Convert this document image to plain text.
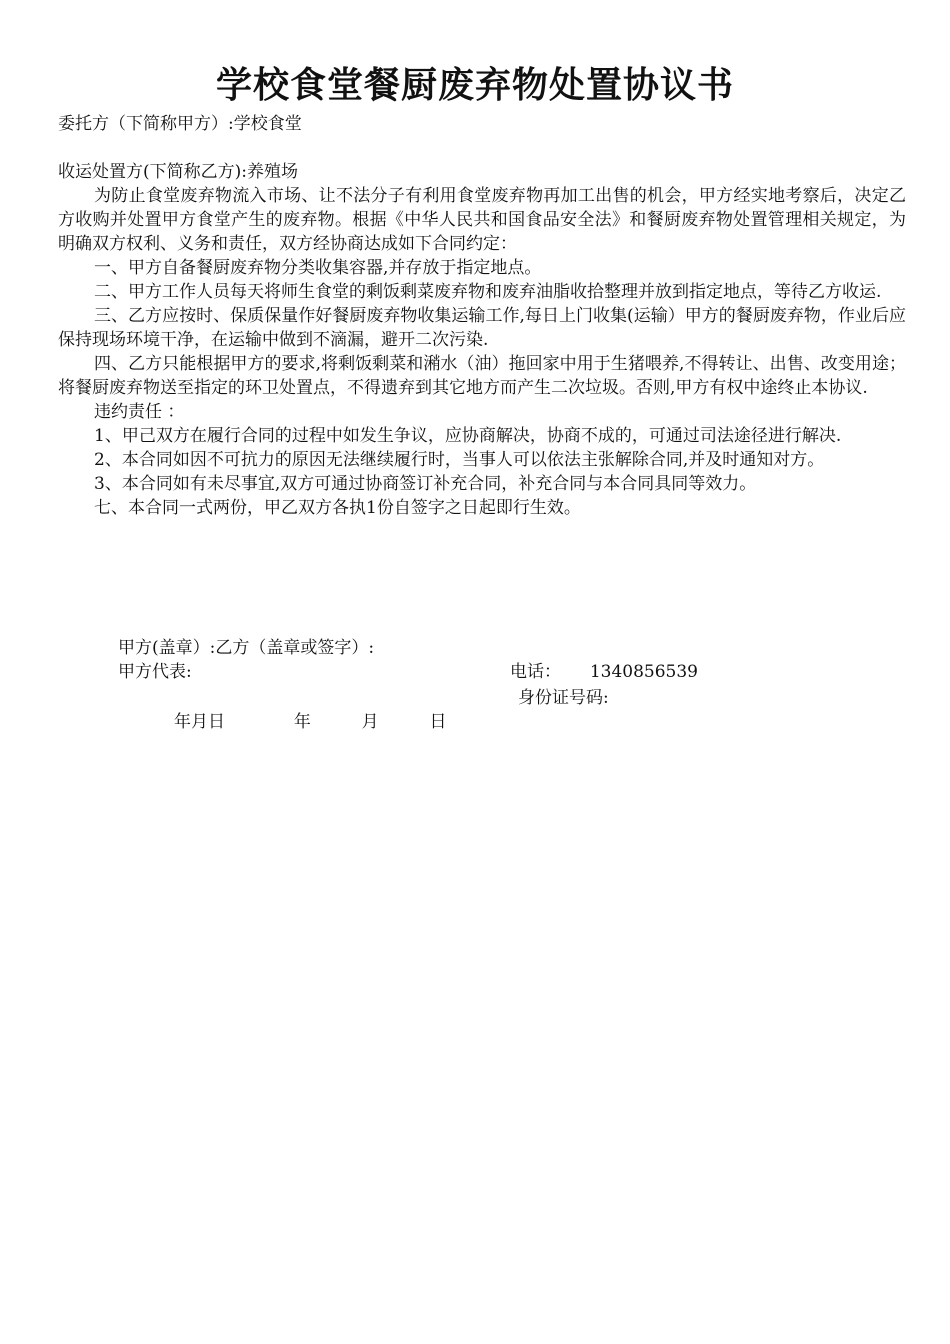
学校食堂餐厨废弃物处置协议书

委托方（下简称甲方）:学校食堂

收运处置方(下简称乙方):养殖场

为防止食堂废弃物流入市场、让不法分子有利用食堂废弃物再加工出售的机会，甲方经实地考察后，决定乙方收购并处置甲方食堂产生的废弃物。根据《中华人民共和国食品安全法》和餐厨废弃物处置管理相关规定，为明确双方权利、义务和责任，双方经协商达成如下合同约定：

一、甲方自备餐厨废弃物分类收集容器,并存放于指定地点。

二、甲方工作人员每天将师生食堂的剩饭剩菜废弃物和废弃油脂收拾整理并放到指定地点，等待乙方收运.

三、乙方应按时、保质保量作好餐厨废弃物收集运输工作,每日上门收集(运输）甲方的餐厨废弃物，作业后应保持现场环境干净，在运输中做到不滴漏，避开二次污染.

四、乙方只能根据甲方的要求,将剩饭剩菜和潲水（油）拖回家中用于生猪喂养,不得转让、出售、改变用途；将餐厨废弃物送至指定的环卫处置点，不得遗弃到其它地方而产生二次垃圾。否则,甲方有权中途终止本协议.

违约责任 ：

1、甲己双方在履行合同的过程中如发生争议，应协商解决，协商不成的，可通过司法途径进行解决.

2、本合同如因不可抗力的原因无法继续履行时，当事人可以依法主张解除合同,并及时通知对方。

3、本合同如有未尽事宜,双方可通过协商签订补充合同，补充合同与本合同具同等效力。

七、本合同一式两份，甲乙双方各执1份自签字之日起即行生效。

甲方(盖章）:乙方（盖章或签字）:
甲方代表:	电话： 1340856539
身份证号码:
年月日	年	月	日
